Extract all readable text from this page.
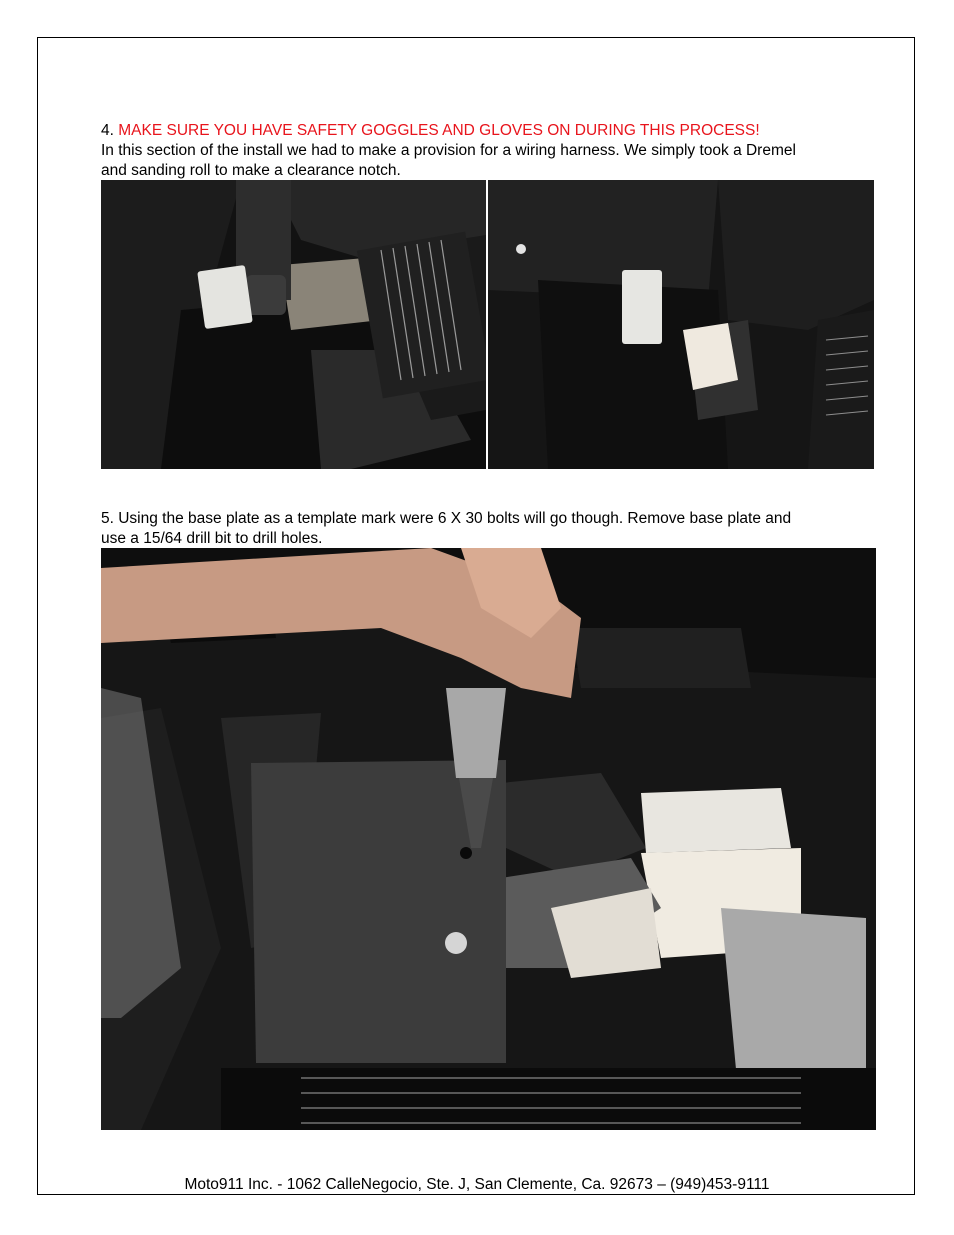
4. MAKE SURE YOU HAVE SAFETY GOGGLES AND GLOVES ON DURING THIS PROCESS!
In this section of the install we had to make a provision for a wiring harness. We simply took a Dremel
and sanding roll to make a clearance notch.
5. Using the base plate as a template mark were 6 X 30 bolts will go though. Remove base plate and
use a 15/64 drill bit to drill holes.
Moto911 Inc. - 1062 CalleNegocio, Ste. J, San Clemente, Ca. 92673 – (949)453-9111
